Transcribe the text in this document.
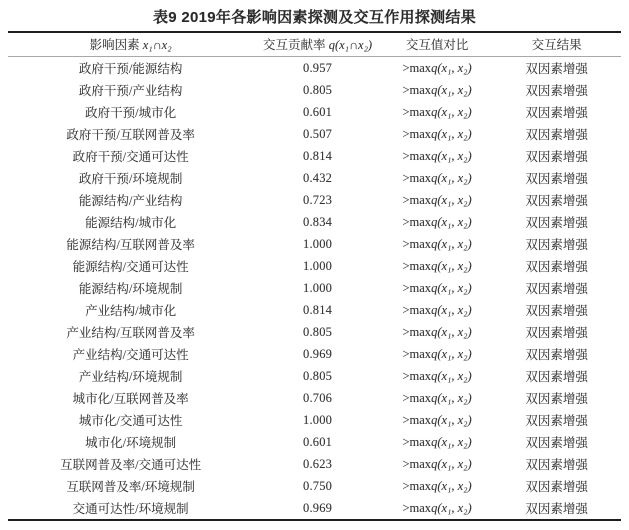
表9 2019年各影响因素探测及交互作用探测结果
影响因素 x₁∩x₂	交互贡献率 q(x₁∩x₂)	交互值对比	交互结果
政府干预/能源结构	0.957	>maxq(x₁, x₂)	双因素增强
政府干预/产业结构	0.805	>maxq(x₁, x₂)	双因素增强
政府干预/城市化	0.601	>maxq(x₁, x₂)	双因素增强
政府干预/互联网普及率	0.507	>maxq(x₁, x₂)	双因素增强
政府干预/交通可达性	0.814	>maxq(x₁, x₂)	双因素增强
政府干预/环境规制	0.432	>maxq(x₁, x₂)	双因素增强
能源结构/产业结构	0.723	>maxq(x₁, x₂)	双因素增强
能源结构/城市化	0.834	>maxq(x₁, x₂)	双因素增强
能源结构/互联网普及率	1.000	>maxq(x₁, x₂)	双因素增强
能源结构/交通可达性	1.000	>maxq(x₁, x₂)	双因素增强
能源结构/环境规制	1.000	>maxq(x₁, x₂)	双因素增强
产业结构/城市化	0.814	>maxq(x₁, x₂)	双因素增强
产业结构/互联网普及率	0.805	>maxq(x₁, x₂)	双因素增强
产业结构/交通可达性	0.969	>maxq(x₁, x₂)	双因素增强
产业结构/环境规制	0.805	>maxq(x₁, x₂)	双因素增强
城市化/互联网普及率	0.706	>maxq(x₁, x₂)	双因素增强
城市化/交通可达性	1.000	>maxq(x₁, x₂)	双因素增强
城市化/环境规制	0.601	>maxq(x₁, x₂)	双因素增强
互联网普及率/交通可达性	0.623	>maxq(x₁, x₂)	双因素增强
互联网普及率/环境规制	0.750	>maxq(x₁, x₂)	双因素增强
交通可达性/环境规制	0.969	>maxq(x₁, x₂)	双因素增强
